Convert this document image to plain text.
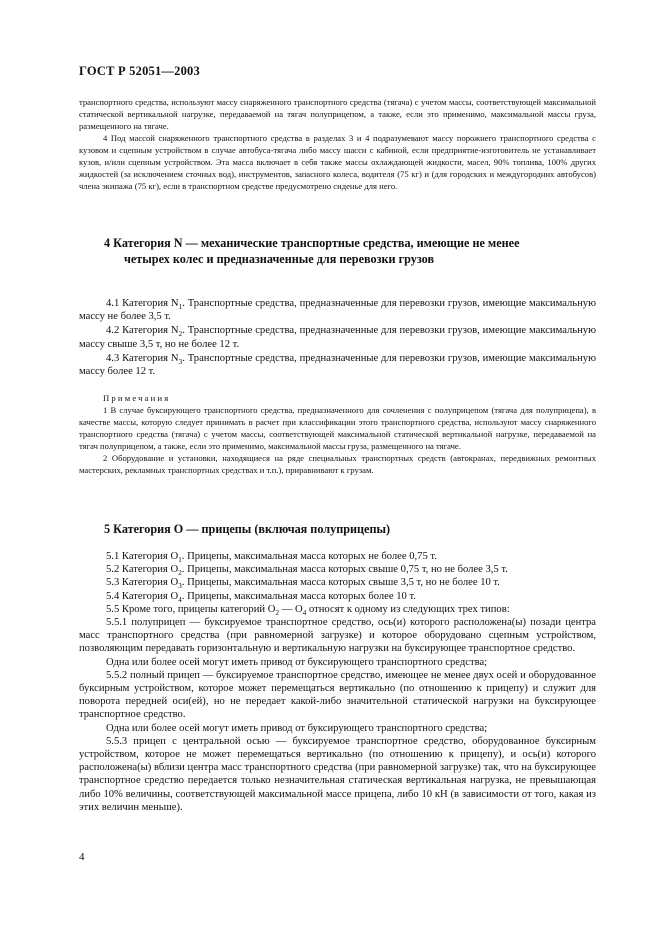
ГОСТ Р 52051—2003

транспортного средства, используют массу снаряженного транспортного средства (тягача) с учетом массы, соответствующей максимальной статической вертикальной нагрузке, передаваемой на тягач полуприцепом, а также, если это применимо, максимальной массы груза, размещенного на тягаче.

4 Под массой снаряженного транспортного средства в разделах 3 и 4 подразумевают массу порожнего транспортного средства с кузовом и сцепным устройством в случае автобуса-тягача либо массу шасси с кабиной, если предприятие-изготовитель не устанавливает кузов, и/или сцепным устройством. Эта масса включает в себя также массы охлаждающей жидкости, масел, 90% топлива, 100% других жидкостей (за исключением сточных вод), инструментов, запасного колеса, водителя (75 кг) и (для городских и междугородних автобусов) члена экипажа (75 кг), если в транспортном средстве предусмотрено сиденье для него.

4 Категория N — механические транспортные средства, имеющие не менее
четырех колес и предназначенные для перевозки грузов

4.1 Категория $N_1$. Транспортные средства, предназначенные для перевозки грузов, имеющие максимальную массу не более 3,5 т.

4.2 Категория $N_2$. Транспортные средства, предназначенные для перевозки грузов, имеющие максимальную массу свыше 3,5 т, но не более 12 т.

4.3 Категория $N_3$. Транспортные средства, предназначенные для перевозки грузов, имеющие максимальную массу более 12 т.

Примечания

1 В случае буксирующего транспортного средства, предназначенного для сочленения с полуприцепом (тягача для полуприцепа), в качестве массы, которую следует принимать в расчет при классификации этого транспортного средства, используют массу снаряженного транспортного средства (тягача) с учетом массы, соответствующей максимальной статической вертикальной нагрузке, передаваемой на тягач полуприцепом, а также, если это применимо, максимальной массы груза, размещенного на тягаче.

2 Оборудование и установки, находящиеся на ряде специальных транспортных средств (автокранах, передвижных ремонтных мастерских, рекламных транспортных средствах и т.п.), приравнивают к грузам.

5 Категория O — прицепы (включая полуприцепы)

5.1 Категория $O_1$. Прицепы, максимальная масса которых не более 0,75 т.

5.2 Категория $O_2$. Прицепы, максимальная масса которых свыше 0,75 т, но не более 3,5 т.

5.3 Категория $O_3$. Прицепы, максимальная масса которых свыше 3,5 т, но не более 10 т.

5.4 Категория $O_4$. Прицепы, максимальная масса которых более 10 т.

5.5 Кроме того, прицепы категорий $O_2$ — $O_4$ относят к одному из следующих трех типов:

5.5.1 полуприцеп — буксируемое транспортное средство, ось(и) которого расположена(ы) позади центра масс транспортного средства (при равномерной загрузке) и которое оборудовано сцепным устройством, позволяющим передавать горизонтальную и вертикальную нагрузки на буксирующее транспортное средство.

Одна или более осей могут иметь привод от буксирующего транспортного средства;

5.5.2 полный прицеп — буксируемое транспортное средство, имеющее не менее двух осей и оборудованное буксирным устройством, которое может перемещаться вертикально (по отношению к прицепу) и служит для поворота передней оси(ей), но не передает какой-либо значительной статической нагрузки на буксирующее транспортное средство.

Одна или более осей могут иметь привод от буксирующего транспортного средства;

5.5.3 прицеп с центральной осью — буксируемое транспортное средство, оборудованное буксирным устройством, которое не может перемещаться вертикально (по отношению к прицепу), и ось(и) которого расположена(ы) вблизи центра масс транспортного средства (при равномерной загрузке) так, что на буксирующее транспортное средство передается только незначительная статическая вертикальная нагрузка, не превышающая либо 10% величины, соответствующей максимальной массе прицепа, либо 10 кН (в зависимости от того, какая из этих величин меньше).

4
